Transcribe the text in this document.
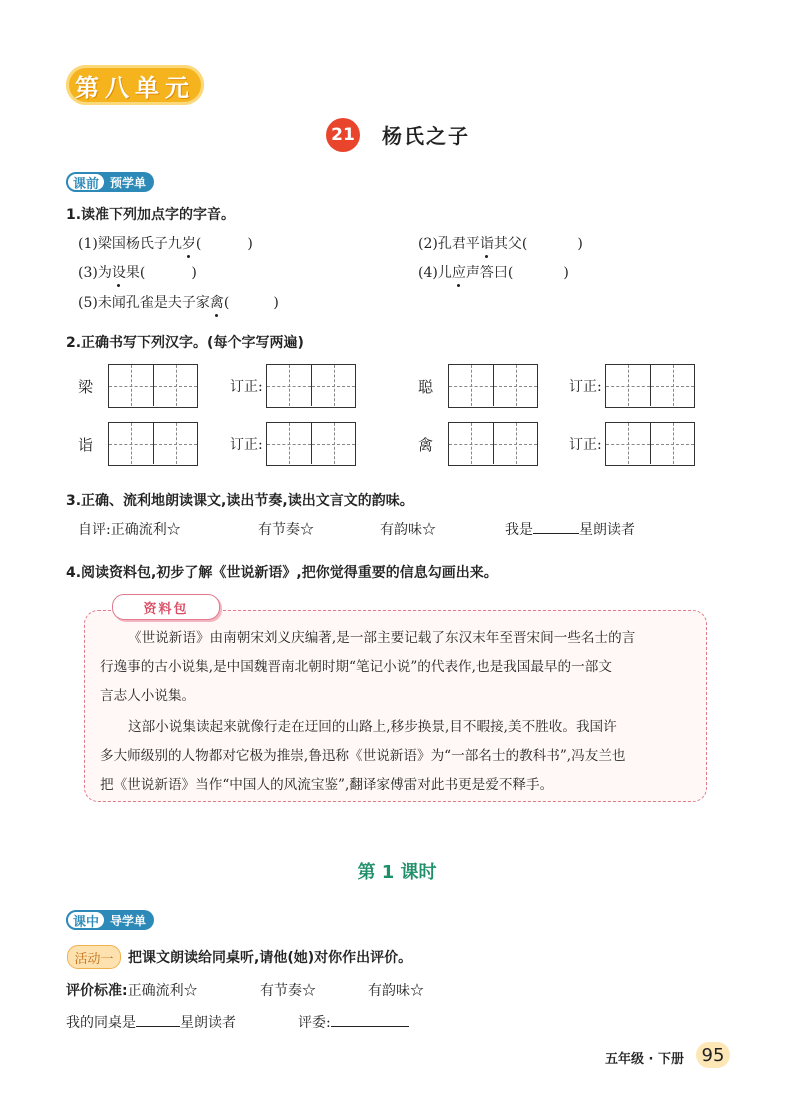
第八单元
21 杨氏之子
课前 预学单
1.读准下列加点字的字音。
(1)梁国杨氏子九岁(	)	(2)孔君平诣其父(	)
(3)为设果(	)	(4)儿应声答曰(	)
(5)未闻孔雀是夫子家禽(	)
2.正确书写下列汉字。(每个字写两遍)
梁	订正:	聪	订正:
诣	订正:	禽	订正:
3.正确、流利地朗读课文,读出节奏,读出文言文的韵味。
自评:正确流利☆	有节奏☆	有韵味☆	我是	星朗读者
4.阅读资料包,初步了解《世说新语》,把你觉得重要的信息勾画出来。
资料包
《世说新语》由南朝宋刘义庆编著,是一部主要记载了东汉末年至晋宋间一些名士的言
行逸事的古小说集,是中国魏晋南北朝时期“笔记小说”的代表作,也是我国最早的一部文
言志人小说集。
这部小说集读起来就像行走在迂回的山路上,移步换景,目不暇接,美不胜收。我国许
多大师级别的人物都对它极为推崇,鲁迅称《世说新语》为“一部名士的教科书”,冯友兰也
把《世说新语》当作“中国人的风流宝鉴”,翻译家傅雷对此书更是爱不释手。
第 1 课时
课中 导学单
活动一 把课文朗读给同桌听,请他(她)对你作出评价。
评价标准:正确流利☆	有节奏☆	有韵味☆
我的同桌是	星朗读者	评委:
五年级 · 下册 95
